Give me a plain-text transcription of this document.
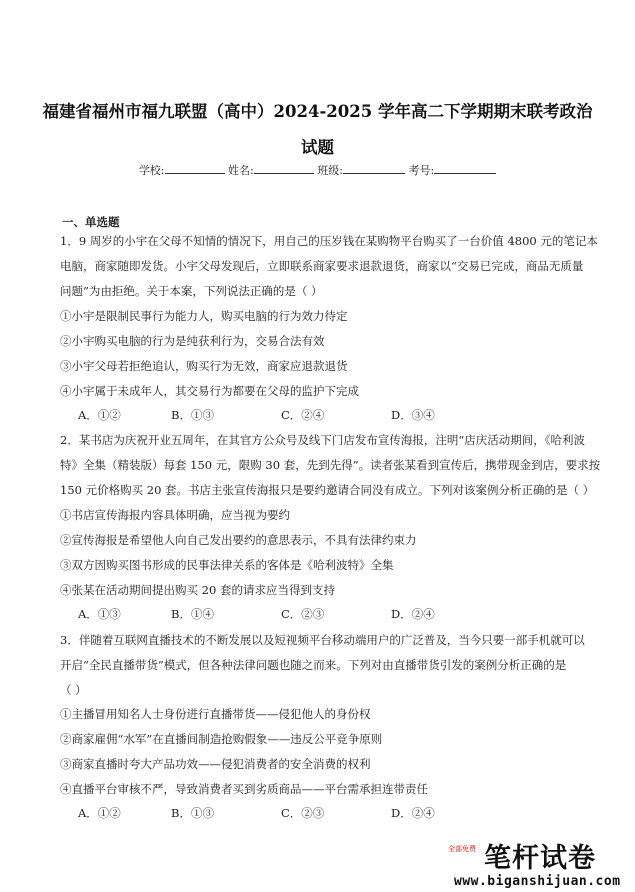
福建省福州市福九联盟（高中）2024-2025 学年高二下学期期末联考政治
试题
学校:	姓名:	班级:	考号:
一、单选题
1．9 周岁的小宇在父母不知情的情况下，用自己的压岁钱在某购物平台购买了一台价值 4800 元的笔记本
电脑，商家随即发货。小宇父母发现后，立即联系商家要求退款退货，商家以“交易已完成，商品无质量
问题”为由拒绝。关于本案，下列说法正确的是（ ）
①小宇是限制民事行为能力人，购买电脑的行为效力待定
②小宇购买电脑的行为是纯获利行为，交易合法有效
③小宇父母若拒绝追认，购买行为无效，商家应退款退货
④小宇属于未成年人，其交易行为都要在父母的监护下完成
A．①②	B．①③	C．②④	D．③④
2．某书店为庆祝开业五周年，在其官方公众号及线下门店发布宣传海报，注明“店庆活动期间，《哈利波
特》全集（精装版）每套 150 元，限购 30 套，先到先得”。读者张某看到宣传后，携带现金到店，要求按
150 元价格购买 20 套。书店主张宣传海报只是要约邀请合同没有成立。下列对该案例分析正确的是（ ）
①书店宣传海报内容具体明确，应当视为要约
②宣传海报是希望他人向自己发出要约的意思表示，不具有法律约束力
③双方因购买图书形成的民事法律关系的客体是《哈利波特》全集
④张某在活动期间提出购买 20 套的请求应当得到支持
A．①③	B．①④	C．②③	D．②④
3．伴随着互联网直播技术的不断发展以及短视频平台移动端用户的广泛普及，当今只要一部手机就可以
开启“全民直播带货”模式，但各种法律问题也随之而来。下列对由直播带货引发的案例分析正确的是
（ ）
①主播冒用知名人士身份进行直播带货——侵犯他人的身份权
②商家雇佣“水军”在直播间制造抢购假象——违反公平竞争原则
③商家直播时夸大产品功效——侵犯消费者的安全消费的权利
④直播平台审核不严，导致消费者买到劣质商品——平台需承担连带责任
A．①②	B．①③	C．②③	D．②④
全部免费 笔杆试卷
www.biganshijuan.com
